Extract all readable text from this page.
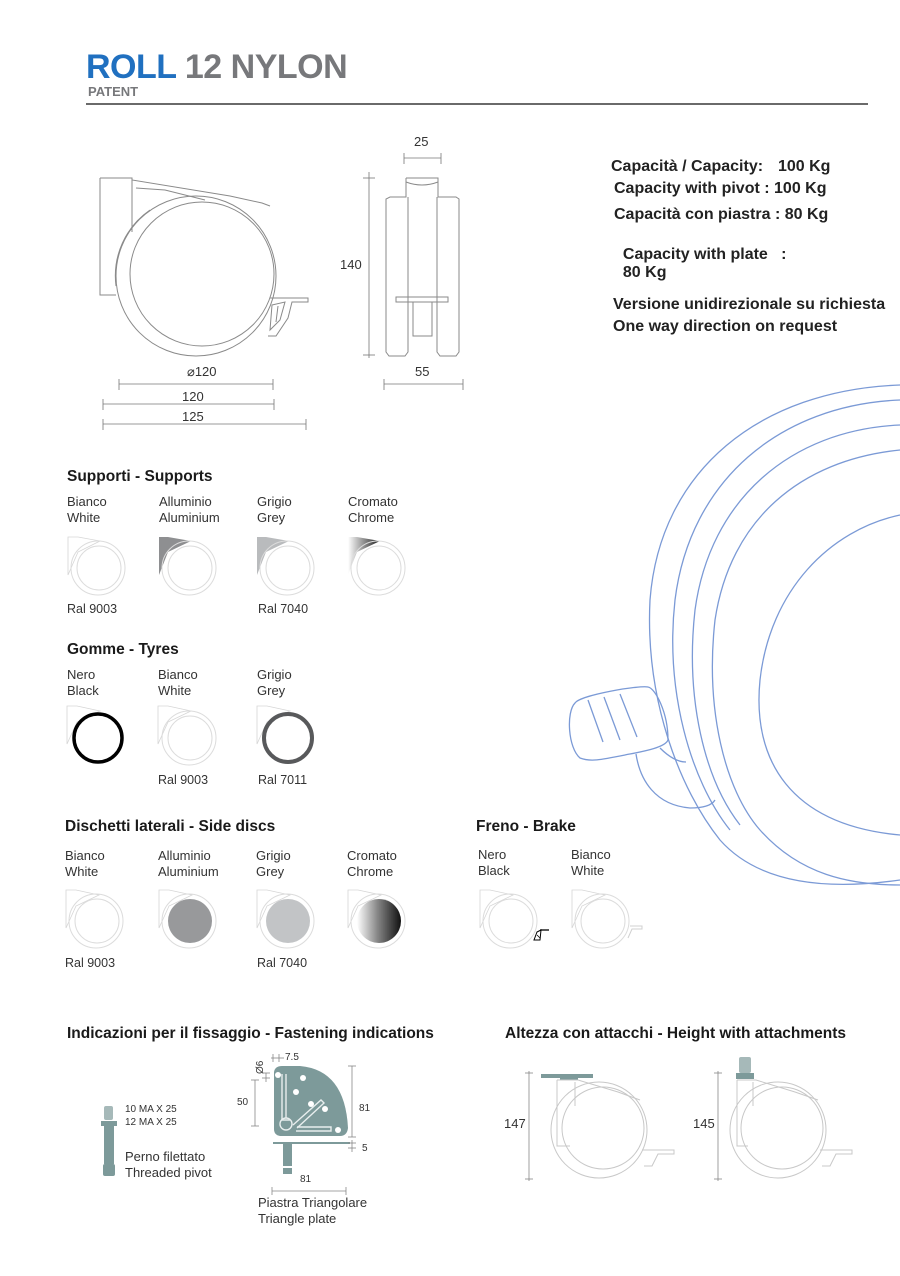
ROLL 12 NYLON
PATENT
⌀120
120
125
25
140
55
Capacità / Capacity: 100 Kg
Capacity with pivot : 100 Kg
Capacità con piastra : 80 Kg

Capacity with plate   :
80 Kg

Versione unidirezionale su richiesta
One way direction on request
Supporti - Supports
Bianco
White
Alluminio
Aluminium
Grigio
Grey
Cromato
Chrome
Ral 9003	Ral 7040
Gomme - Tyres
Nero
Black
Bianco
White
Grigio
Grey
Ral 9003	Ral 7011
Dischetti laterali - Side discs
Bianco
White
Alluminio
Aluminium
Grigio
Grey
Cromato
Chrome
Ral 9003	Ral 7040
Freno - Brake
Nero
Black
Bianco
White
Indicazioni per il fissaggio - Fastening indications
10 MA X 25
12 MA X 25
Perno filettato
Threaded pivot
7.5
Ø6
50
81
5
81
Piastra Triangolare
Triangle plate
Altezza con attacchi - Height with attachments
147	145
